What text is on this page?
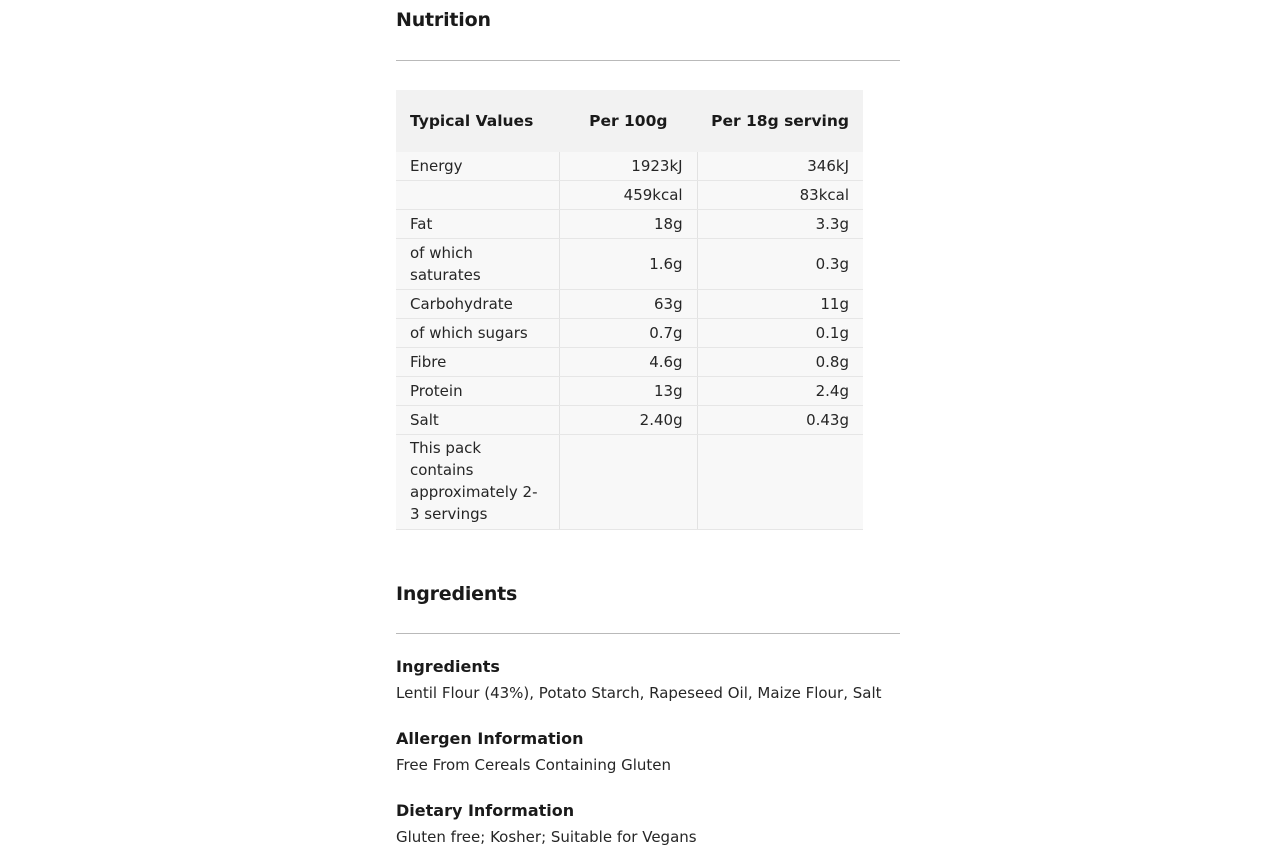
Nutrition
Typical Values	Per 100g	Per 18g serving
Energy	1923kJ	346kJ
	459kcal	83kcal
Fat	18g	3.3g
of which saturates	1.6g	0.3g
Carbohydrate	63g	11g
of which sugars	0.7g	0.1g
Fibre	4.6g	0.8g
Protein	13g	2.4g
Salt	2.40g	0.43g
This pack contains approximately 2-3 servings		
Ingredients

Ingredients

Lentil Flour (43%), Potato Starch, Rapeseed Oil, Maize Flour, Salt

Allergen Information

Free From Cereals Containing Gluten

Dietary Information

Gluten free; Kosher; Suitable for Vegans
